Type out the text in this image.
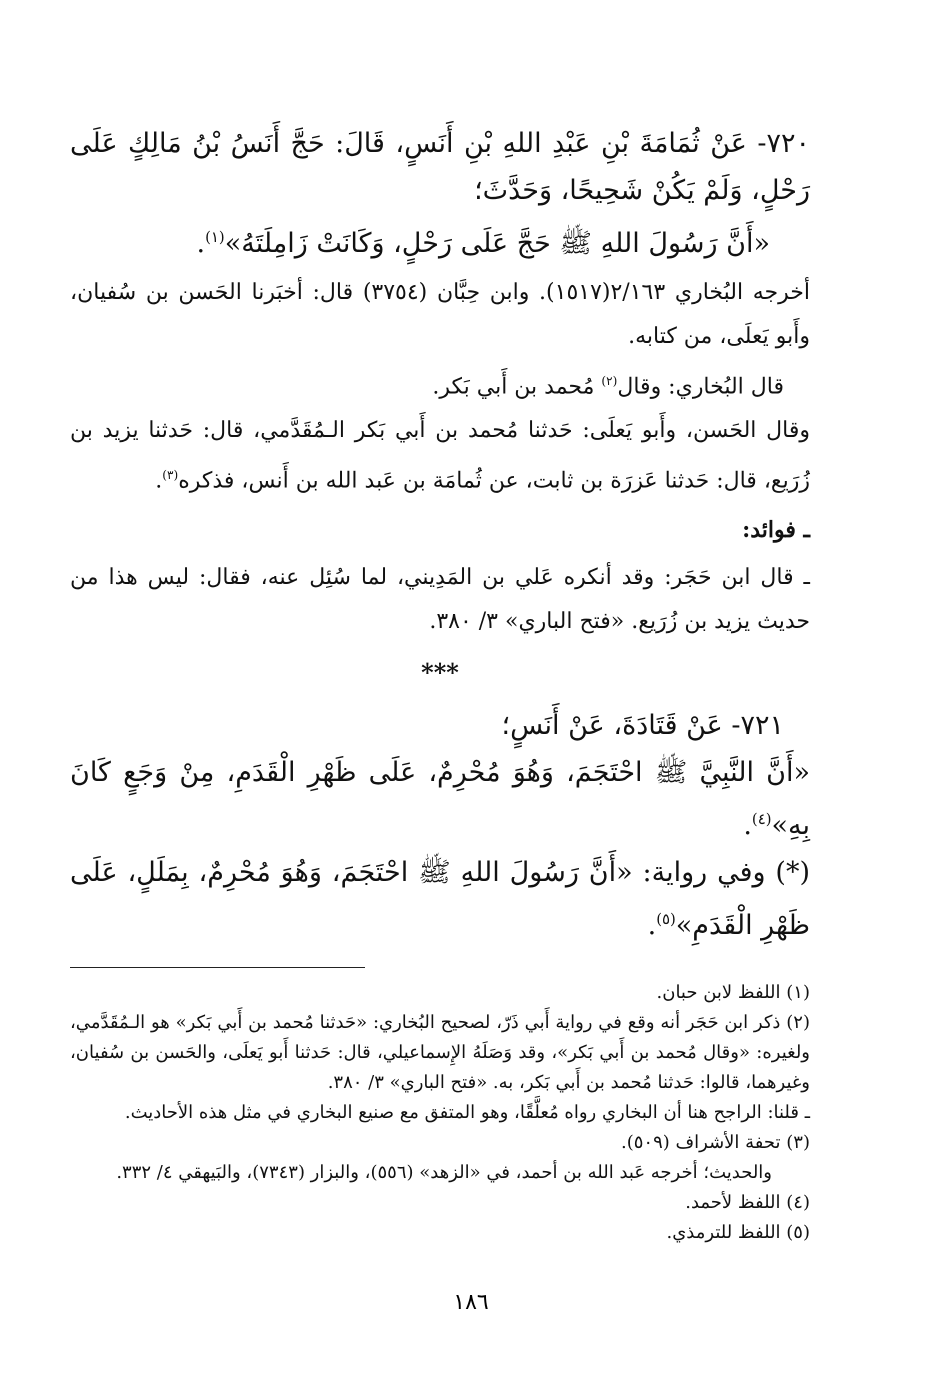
٧٢٠- عَنْ ثُمَامَةَ بْنِ عَبْدِ اللهِ بْنِ أَنَسٍ، قَالَ: حَجَّ أَنَسُ بْنُ مَالِكٍ عَلَى رَحْلٍ، وَلَمْ يَكُنْ شَحِيحًا، وَحَدَّثَ؛

«أَنَّ رَسُولَ اللهِ ﷺ حَجَّ عَلَى رَحْلٍ، وَكَانَتْ زَامِلَتَهُ»$^{(١)}$.

أخرجه البُخاري ٢/١٦٣(١٥١٧). وابن حِبَّان (٣٧٥٤) قال: أخبَرنا الحَسن بن سُفيان، وأَبو يَعلَى، من كتابه.

قال البُخاري: وقال$^{(٢)}$ مُحمد بن أَبي بَكر.

وقال الحَسن، وأَبو يَعلَى: حَدثنا مُحمد بن أَبي بَكر الـمُقَدَّمي، قال: حَدثنا يزيد بن زُرَيع، قال: حَدثنا عَزرَة بن ثابت، عن ثُمامَة بن عَبد الله بن أَنس، فذكره$^{(٣)}$.

ـ فوائد:

ـ قال ابن حَجَر: وقد أنكره عَلي بن المَدِيني، لما سُئِل عنه، فقال: ليس هذا من حديث يزيد بن زُرَيع. «فتح الباري» ٣/ ٣٨٠.

***

٧٢١- عَنْ قَتَادَةَ، عَنْ أَنَسٍ؛

«أَنَّ النَّبِيَّ ﷺ احْتَجَمَ، وَهُوَ مُحْرِمٌ، عَلَى ظَهْرِ الْقَدَمِ، مِنْ وَجَعٍ كَانَ بِهِ»$^{(٤)}$.

(*) وفي رواية: «أَنَّ رَسُولَ اللهِ ﷺ احْتَجَمَ، وَهُوَ مُحْرِمٌ، بِمَلَلٍ، عَلَى ظَهْرِ الْقَدَمِ»$^{(٥)}$.

(١) اللفظ لابن حبان.
(٢) ذكر ابن حَجَر أنه وقع في رواية أَبي ذَرّ، لصحيح البُخاري: «حَدثنا مُحمد بن أَبي بَكر» هو الـمُقَدَّمي، ولغيره: «وقال مُحمد بن أَبي بَكر»، وقد وَصَلَهُ الإِسماعيلي، قال: حَدثنا أَبو يَعلَى، والحَسن بن سُفيان، وغيرهما، قالوا: حَدثنا مُحمد بن أَبي بَكر، به. «فتح الباري» ٣/ ٣٨٠.
ـ قلنا: الراجح هنا أن البخاري رواه مُعلَّقًا، وهو المتفق مع صنيع البخاري في مثل هذه الأحاديث.
(٣) تحفة الأشراف (٥٠٩).
والحديث؛ أخرجه عَبد الله بن أحمد، في «الزهد» (٥٥٦)، والبزار (٧٣٤٣)، والبَيهقي ٤/ ٣٣٢.
(٤) اللفظ لأحمد.
(٥) اللفظ للترمذي.
١٨٦
